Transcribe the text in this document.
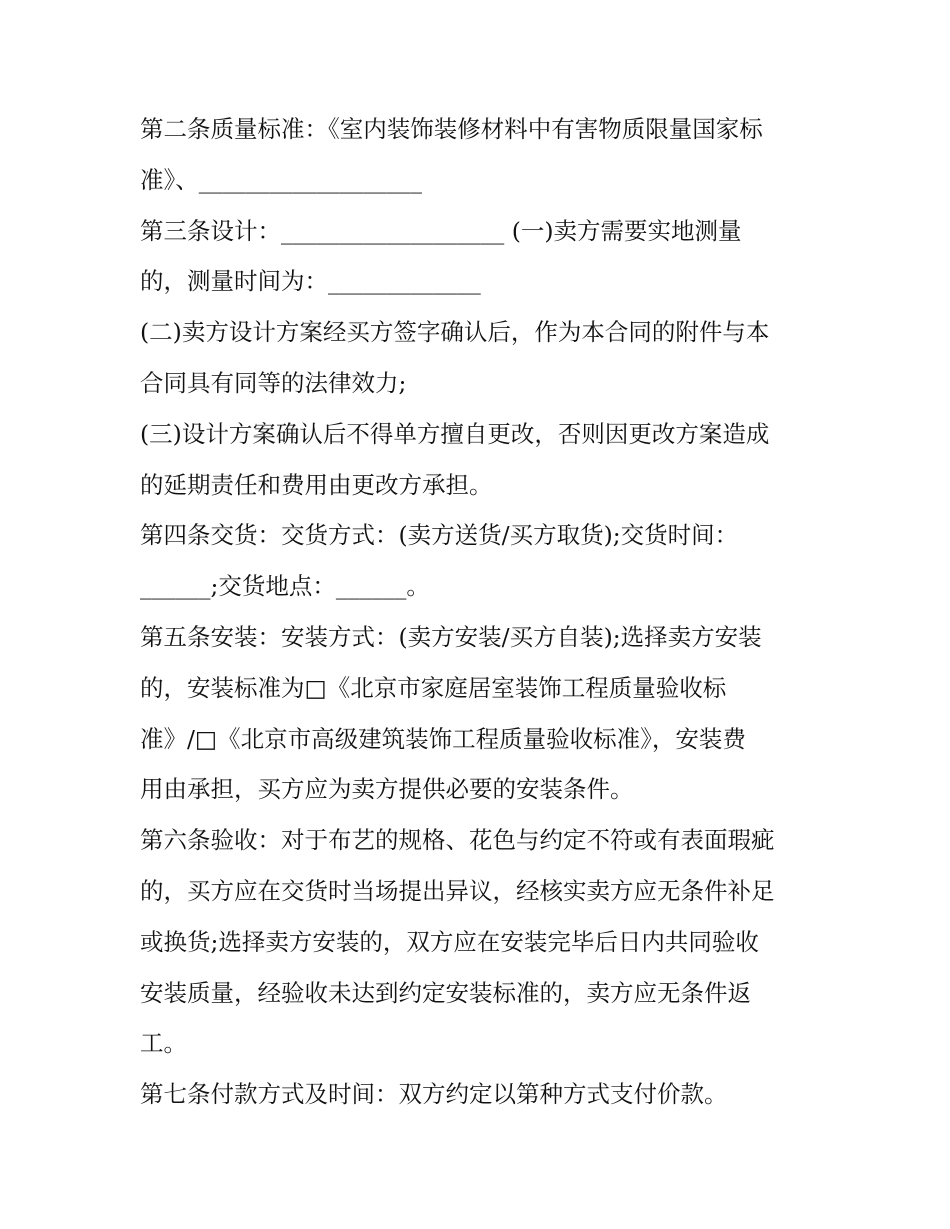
第二条质量标准：《室内装饰装修材料中有害物质限量国家标
准》、___________________
第三条设计：___________________ (一)卖方需要实地测量
的，测量时间为：_____________
(二)卖方设计方案经买方签字确认后，作为本合同的附件与本
合同具有同等的法律效力;
(三)设计方案确认后不得单方擅自更改，否则因更改方案造成
的延期责任和费用由更改方承担。
第四条交货：交货方式：(卖方送货/买方取货);交货时间：
______;交货地点：______。
第五条安装：安装方式：(卖方安装/买方自装);选择卖方安装
的，安装标准为□《北京市家庭居室装饰工程质量验收标
准》/□《北京市高级建筑装饰工程质量验收标准》，安装费
用由承担，买方应为卖方提供必要的安装条件。
第六条验收：对于布艺的规格、花色与约定不符或有表面瑕疵
的，买方应在交货时当场提出异议，经核实卖方应无条件补足
或换货;选择卖方安装的，双方应在安装完毕后日内共同验收
安装质量，经验收未达到约定安装标准的，卖方应无条件返
工。
第七条付款方式及时间：双方约定以第种方式支付价款。
